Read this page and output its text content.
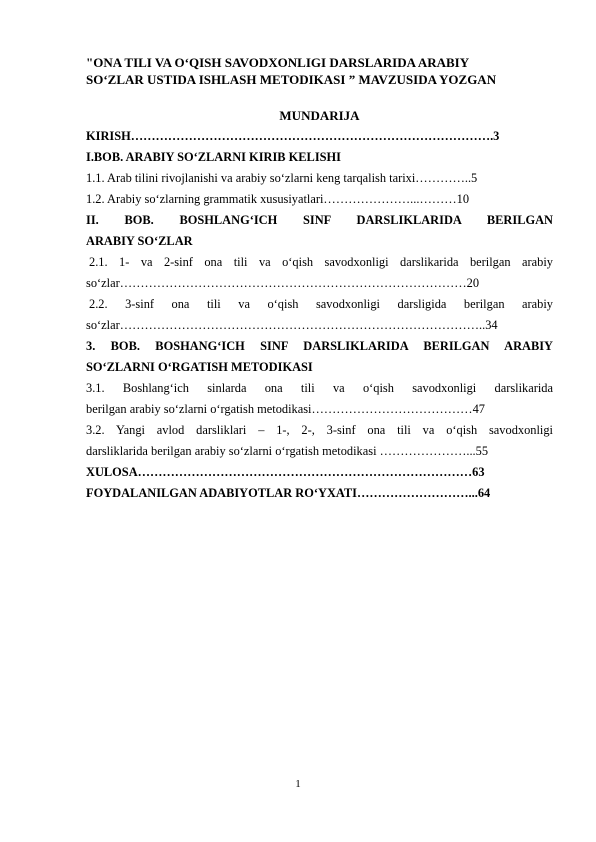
"ONA TILI VA O‘QISH SAVODXONLIGI DARSLARIDA ARABIY
SO‘ZLAR USTIDA ISHLASH METODIKASI ” MAVZUSIDA YOZGAN
MUNDARIJA
KIRISH…………………………………………………………………………….3
I.BOB. ARABIY SO‘ZLARNI KIRIB KELISHI
1.1. Arab tilini rivojlanishi va arabiy so‘zlarni keng tarqalish tarixi…………..5
1.2. Arabiy so‘zlarning grammatik xususiyatlari…………………...………10
II. BOB. BOSHLANG‘ICH SINF DARSLIKLARIDA BERILGAN
ARABIY SO‘ZLAR
2.1. 1- va 2-sinf ona tili va o‘qish savodxonligi darslikarida berilgan arabiy
so‘zlar…………………………………………………………………………20
2.2. 3-sinf ona tili va o‘qish savodxonligi darsligida berilgan arabiy
so‘zlar……………………………………………………………………………..34
3. BOB. BOSHANG‘ICH SINF DARSLIKLARIDA BERILGAN ARABIY
SO‘ZLARNI O‘RGATISH METODIKASI
3.1. Boshlang‘ich sinlarda ona tili va o‘qish savodxonligi darslikarida
berilgan arabiy so‘zlarni o‘rgatish metodikasi…………………………………47
3.2. Yangi avlod darsliklari – 1-, 2-, 3-sinf ona tili va o‘qish savodxonligi
darsliklarida berilgan arabiy so‘zlarni o‘rgatish metodikasi …………………...55
XULOSA………………………………………………………………………63
FOYDALANILGAN ADABIYOTLAR RO‘YXATI………………………...64
1
